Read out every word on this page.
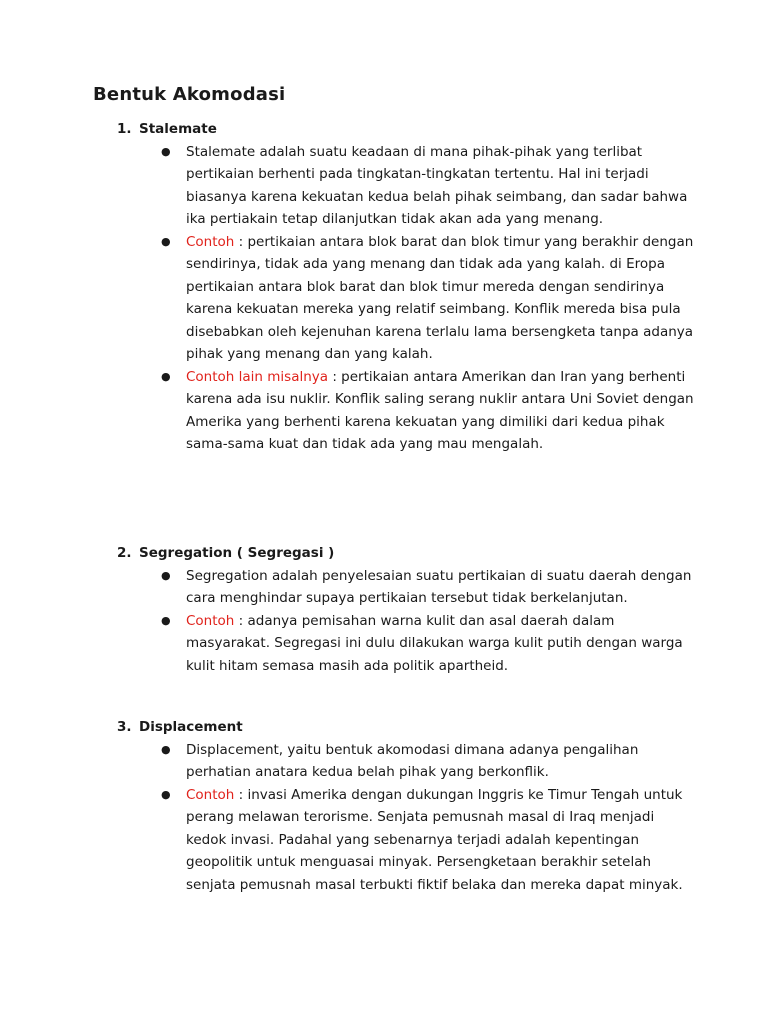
Bentuk Akomodasi

1. Stalemate

● Stalemate adalah suatu keadaan di mana pihak-pihak yang terlibat pertikaian berhenti pada tingkatan-tingkatan tertentu. Hal ini terjadi biasanya karena kekuatan kedua belah pihak seimbang, dan sadar bahwa ika pertiakain tetap dilanjutkan tidak akan ada yang menang.
● Contoh : pertikaian antara blok barat dan blok timur yang berakhir dengan sendirinya, tidak ada yang menang dan tidak ada yang kalah. di Eropa pertikaian antara blok barat dan blok timur mereda dengan sendirinya karena kekuatan mereka yang relatif seimbang. Konflik mereda bisa pula disebabkan oleh kejenuhan karena terlalu lama bersengketa tanpa adanya pihak yang menang dan yang kalah.
● Contoh lain misalnya : pertikaian antara Amerikan dan Iran yang berhenti karena ada isu nuklir. Konflik saling serang nuklir antara Uni Soviet dengan Amerika yang berhenti karena kekuatan yang dimiliki dari kedua pihak sama-sama kuat dan tidak ada yang mau mengalah.

2. Segregation ( Segregasi )

● Segregation adalah penyelesaian suatu pertikaian di suatu daerah dengan cara menghindar supaya pertikaian tersebut tidak berkelanjutan.
● Contoh : adanya pemisahan warna kulit dan asal daerah dalam masyarakat. Segregasi ini dulu dilakukan warga kulit putih dengan warga kulit hitam semasa masih ada politik apartheid.

3. Displacement

● Displacement, yaitu bentuk akomodasi dimana adanya pengalihan perhatian anatara kedua belah pihak yang berkonflik.
● Contoh : invasi Amerika dengan dukungan Inggris ke Timur Tengah untuk perang melawan terorisme. Senjata pemusnah masal di Iraq menjadi kedok invasi. Padahal yang sebenarnya terjadi adalah kepentingan geopolitik untuk menguasai minyak. Persengketaan berakhir setelah senjata pemusnah masal terbukti fiktif belaka dan mereka dapat minyak.
